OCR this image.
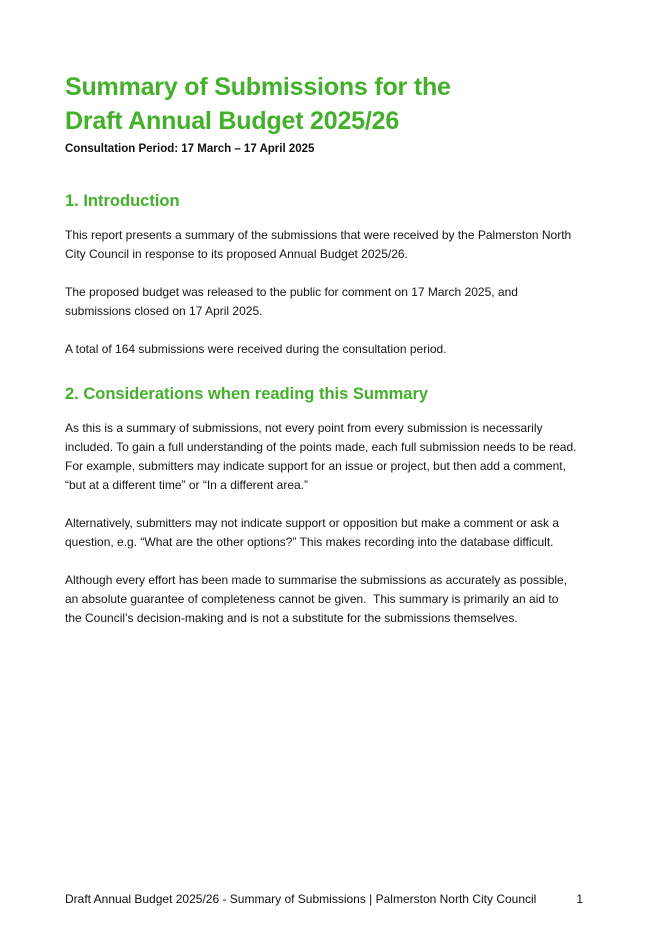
Summary of Submissions for the
Draft Annual Budget 2025/26

Consultation Period: 17 March – 17 April 2025

1. Introduction

This report presents a summary of the submissions that were received by the Palmerston North City Council in response to its proposed Annual Budget 2025/26.

The proposed budget was released to the public for comment on 17 March 2025, and submissions closed on 17 April 2025.

A total of 164 submissions were received during the consultation period.

2. Considerations when reading this Summary

As this is a summary of submissions, not every point from every submission is necessarily included. To gain a full understanding of the points made, each full submission needs to be read. For example, submitters may indicate support for an issue or project, but then add a comment, “but at a different time” or “In a different area.”

Alternatively, submitters may not indicate support or opposition but make a comment or ask a question, e.g. “What are the other options?” This makes recording into the database difficult.

Although every effort has been made to summarise the submissions as accurately as possible, an absolute guarantee of completeness cannot be given.  This summary is primarily an aid to the Council’s decision-making and is not a substitute for the submissions themselves.

Draft Annual Budget 2025/26 - Summary of Submissions | Palmerston North City Council	1
